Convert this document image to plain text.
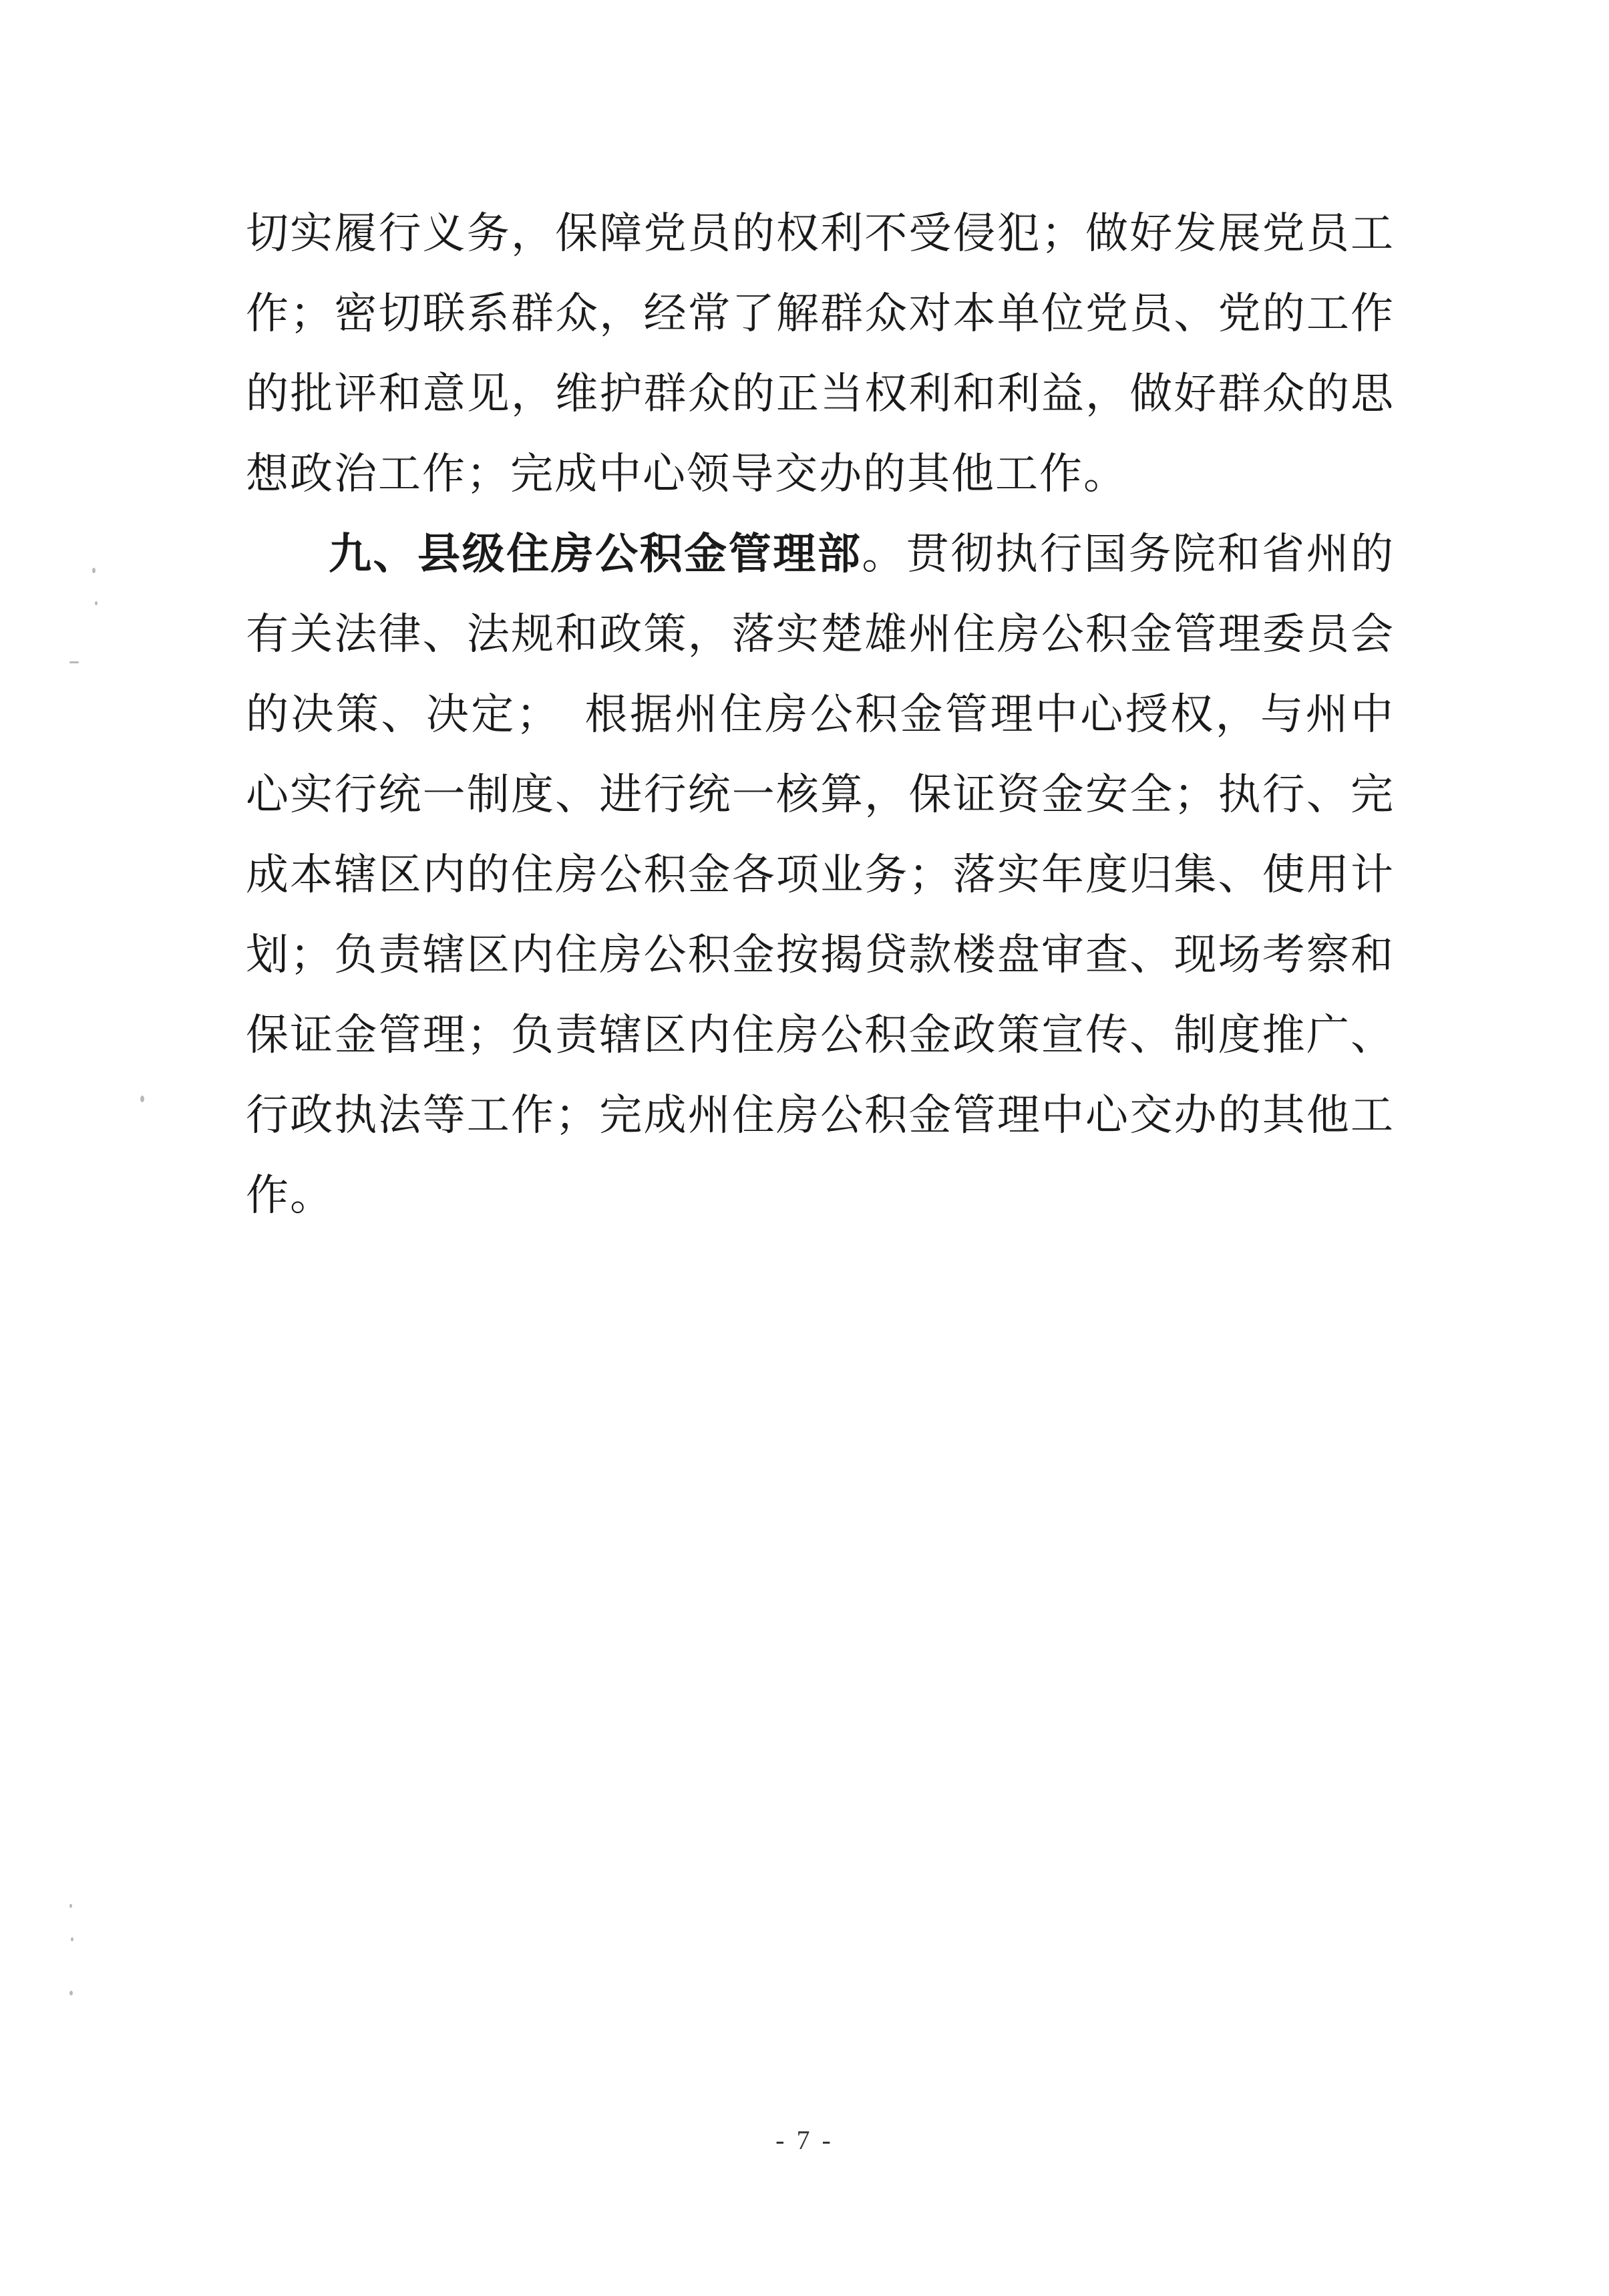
切实履行义务，保障党员的权利不受侵犯；做好发展党员工
作；密切联系群众，经常了解群众对本单位党员、党的工作
的批评和意见，维护群众的正当权利和利益，做好群众的思
想政治工作；完成中心领导交办的其他工作。
九、县级住房公积金管理部。贯彻执行国务院和省州的
有关法律、法规和政策，落实楚雄州住房公积金管理委员会
的决策、决定；　根据州住房公积金管理中心授权，与州中
心实行统一制度、进行统一核算，保证资金安全；执行、完
成本辖区内的住房公积金各项业务；落实年度归集、使用计
划；负责辖区内住房公积金按揭贷款楼盘审查、现场考察和
保证金管理；负责辖区内住房公积金政策宣传、制度推广、
行政执法等工作；完成州住房公积金管理中心交办的其他工
作。
- 7 -
